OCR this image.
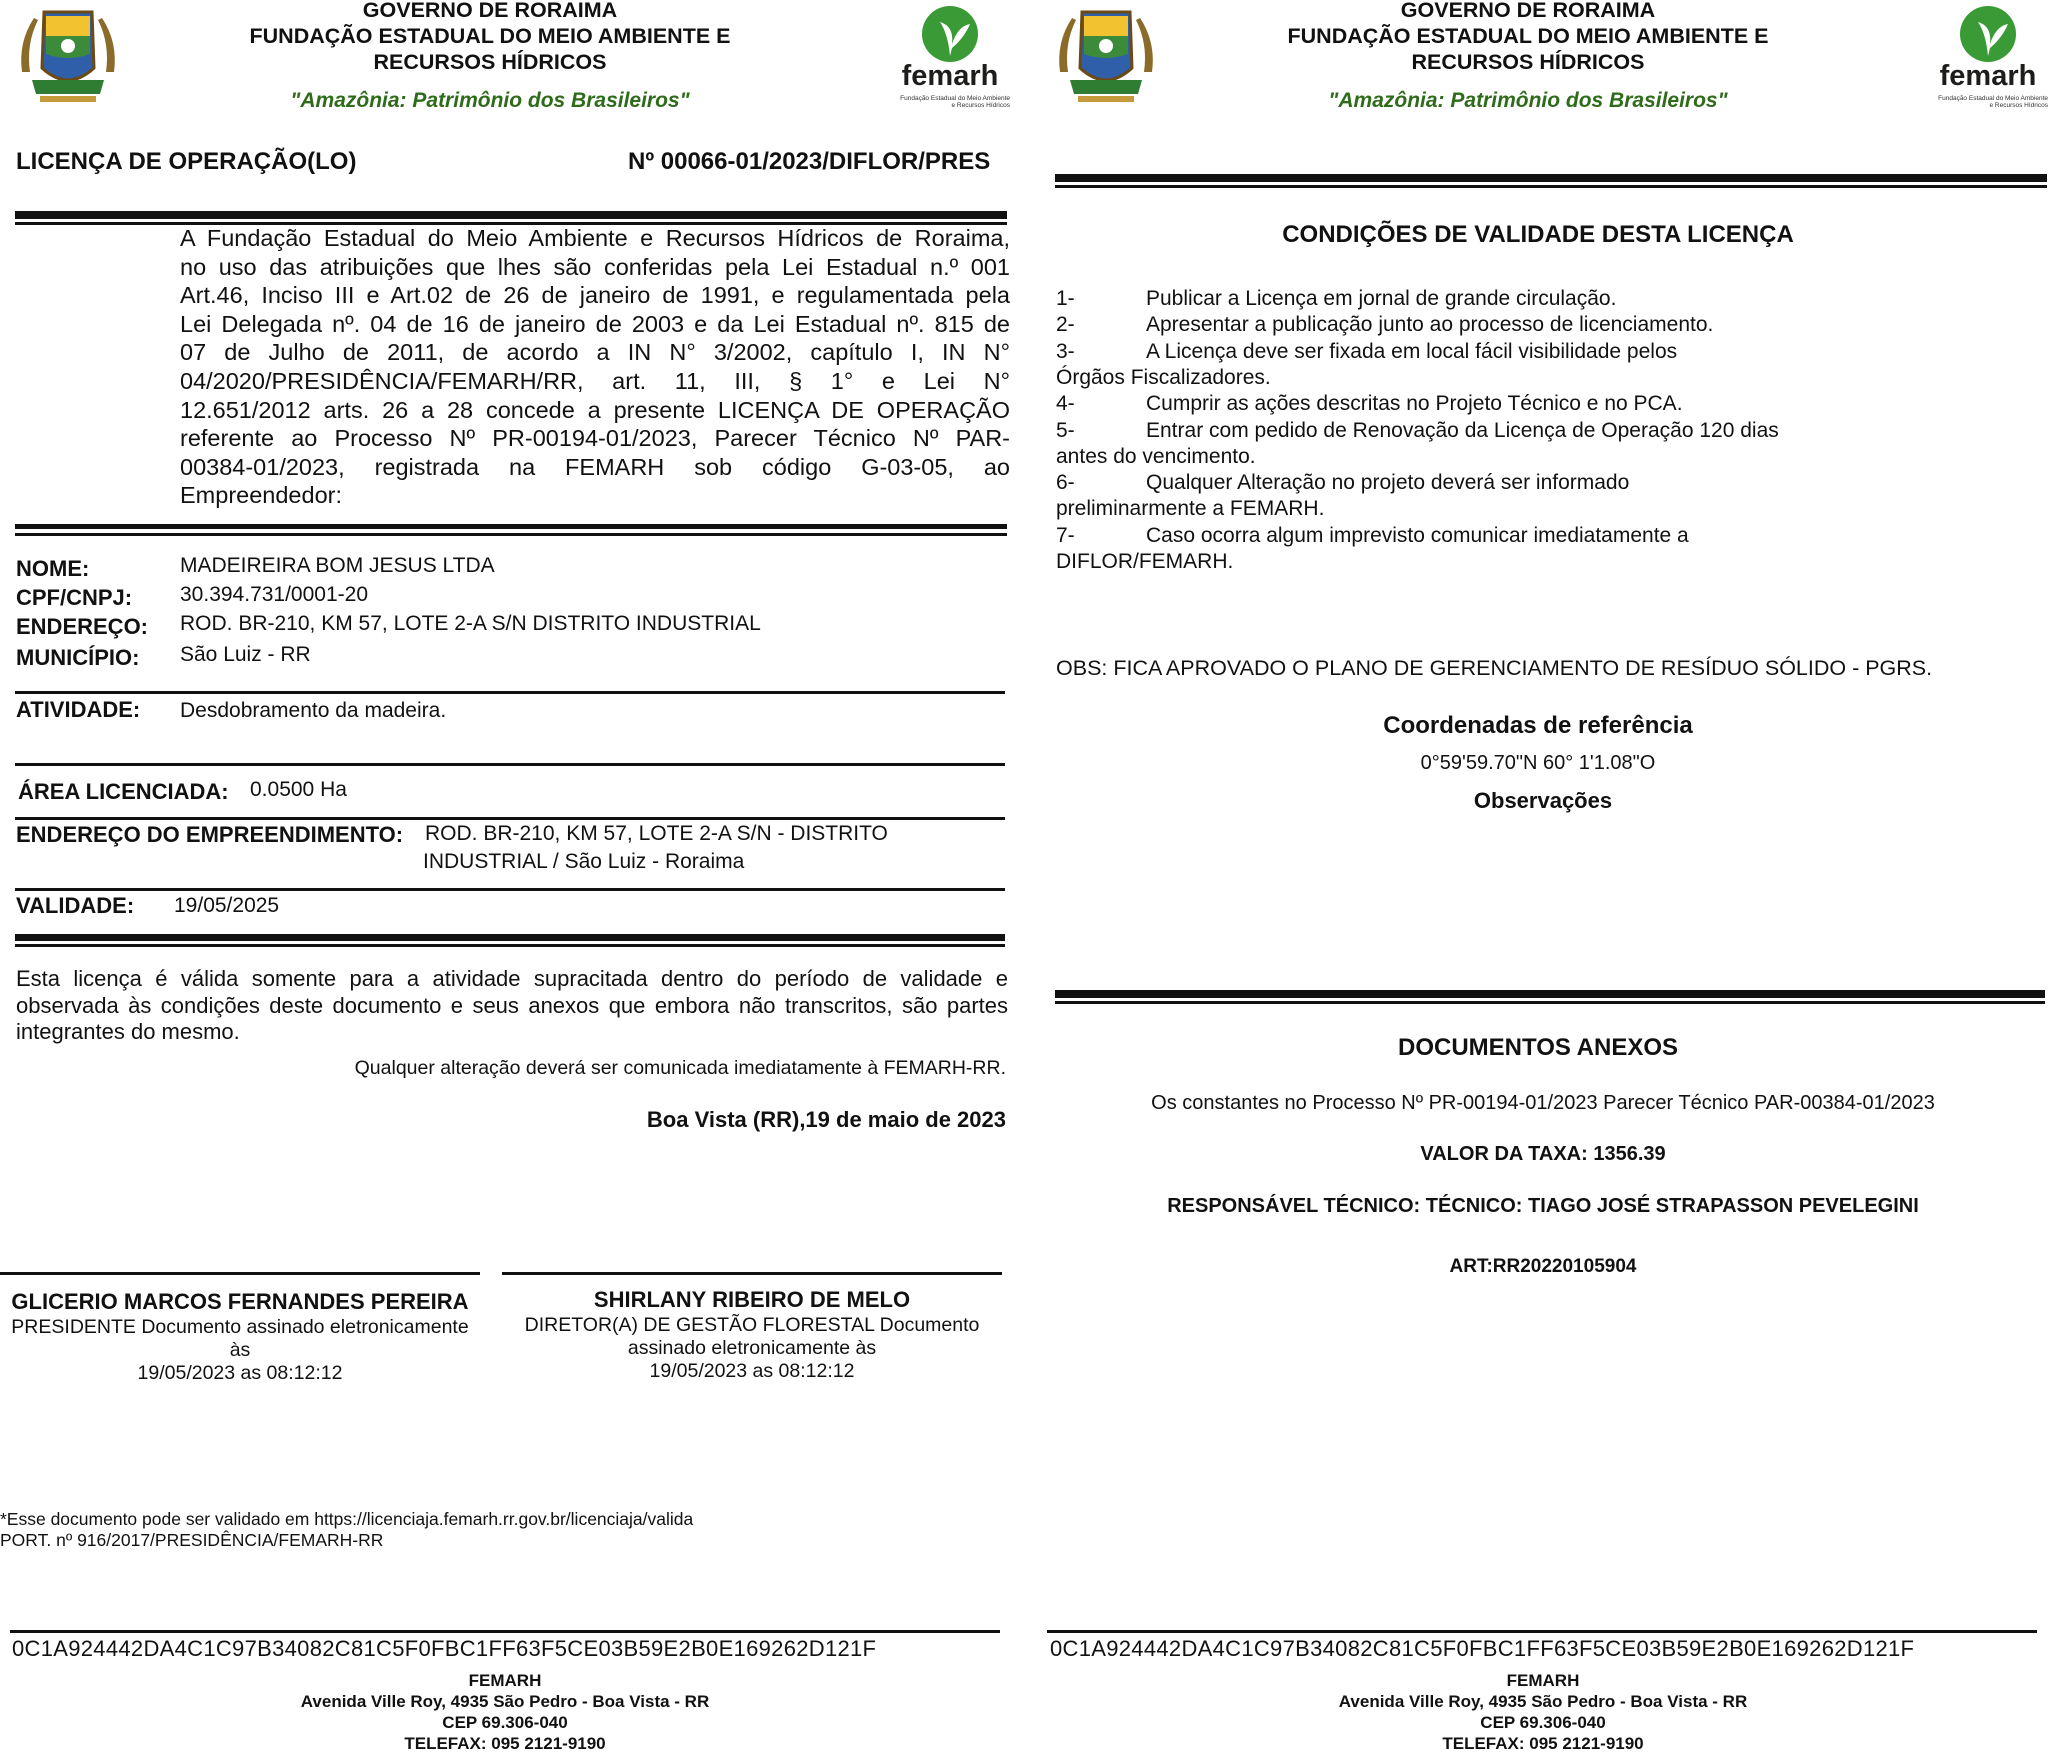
GOVERNO DE RORAIMA
FUNDAÇÃO ESTADUAL DO MEIO AMBIENTE E
RECURSOS HÍDRICOS
"Amazônia: Patrimônio dos Brasileiros"
femarh
Fundação Estadual do Meio Ambiente
e Recursos Hídricos
LICENÇA DE OPERAÇÃO(LO)	Nº 00066-01/2023/DIFLOR/PRES
A Fundação Estadual do Meio Ambiente e Recursos Hídricos de Roraima,
no uso das atribuições que lhes são conferidas pela Lei Estadual n.º 001
Art.46, Inciso III e Art.02 de 26 de janeiro de 1991, e regulamentada pela
Lei Delegada nº. 04 de 16 de janeiro de 2003 e da Lei Estadual nº. 815 de
07 de Julho de 2011, de acordo a IN N° 3/2002, capítulo I, IN N°
04/2020/PRESIDÊNCIA/FEMARH/RR, art. 11, III, § 1° e Lei N°
12.651/2012 arts. 26 a 28 concede a presente LICENÇA DE OPERAÇÃO
referente ao Processo Nº PR-00194-01/2023, Parecer Técnico Nº PAR-
00384-01/2023, registrada na FEMARH sob código G-03-05, ao
Empreendedor:
NOME:	MADEIREIRA BOM JESUS LTDA
CPF/CNPJ: 30.394.731/0001-20
ENDEREÇO: ROD. BR-210, KM 57, LOTE 2-A S/N DISTRITO INDUSTRIAL
MUNICÍPIO: São Luiz - RR
ATIVIDADE: Desdobramento da madeira.
ÁREA LICENCIADA: 0.0500 Ha
ENDEREÇO DO EMPREENDIMENTO: ROD. BR-210, KM 57, LOTE 2-A S/N - DISTRITO
INDUSTRIAL / São Luiz - Roraima
VALIDADE: 19/05/2025
Esta licença é válida somente para a atividade supracitada dentro do período de validade e
observada às condições deste documento e seus anexos que embora não transcritos, são partes
integrantes do mesmo.
Qualquer alteração deverá ser comunicada imediatamente à FEMARH-RR.
Boa Vista (RR),19 de maio de 2023
GLICERIO MARCOS FERNANDES PEREIRA
PRESIDENTE Documento assinado eletronicamente
às
19/05/2023 as 08:12:12
SHIRLANY RIBEIRO DE MELO
DIRETOR(A) DE GESTÃO FLORESTAL Documento
assinado eletronicamente às
19/05/2023 as 08:12:12
*Esse documento pode ser validado em https://licenciaja.femarh.rr.gov.br/licenciaja/valida
PORT. nº 916/2017/PRESIDÊNCIA/FEMARH-RR
0C1A924442DA4C1C97B34082C81C5F0FBC1FF63F5CE03B59E2B0E169262D121F
FEMARH
Avenida Ville Roy, 4935 São Pedro - Boa Vista - RR
CEP 69.306-040
TELEFAX: 095 2121-9190
GOVERNO DE RORAIMA
FUNDAÇÃO ESTADUAL DO MEIO AMBIENTE E
RECURSOS HÍDRICOS
"Amazônia: Patrimônio dos Brasileiros"
femarh
Fundação Estadual do Meio Ambiente
e Recursos Hídricos
CONDIÇÕES DE VALIDADE DESTA LICENÇA
1-	Publicar a Licença em jornal de grande circulação.
2-	Apresentar a publicação junto ao processo de licenciamento.
3-	A Licença deve ser fixada em local fácil visibilidade pelos
Órgãos Fiscalizadores.
4-	Cumprir as ações descritas no Projeto Técnico e no PCA.
5-	Entrar com pedido de Renovação da Licença de Operação 120 dias
antes do vencimento.
6-	Qualquer Alteração no projeto deverá ser informado
preliminarmente a FEMARH.
7-	Caso ocorra algum imprevisto comunicar imediatamente a
DIFLOR/FEMARH.
OBS: FICA APROVADO O PLANO DE GERENCIAMENTO DE RESÍDUO SÓLIDO - PGRS.
Coordenadas de referência
0°59'59.70"N 60° 1'1.08"O
Observações
DOCUMENTOS ANEXOS
Os constantes no Processo Nº PR-00194-01/2023 Parecer Técnico PAR-00384-01/2023
VALOR DA TAXA: 1356.39
RESPONSÁVEL TÉCNICO: TÉCNICO: TIAGO JOSÉ STRAPASSON PEVELEGINI
ART:RR20220105904
0C1A924442DA4C1C97B34082C81C5F0FBC1FF63F5CE03B59E2B0E169262D121F
FEMARH
Avenida Ville Roy, 4935 São Pedro - Boa Vista - RR
CEP 69.306-040
TELEFAX: 095 2121-9190
